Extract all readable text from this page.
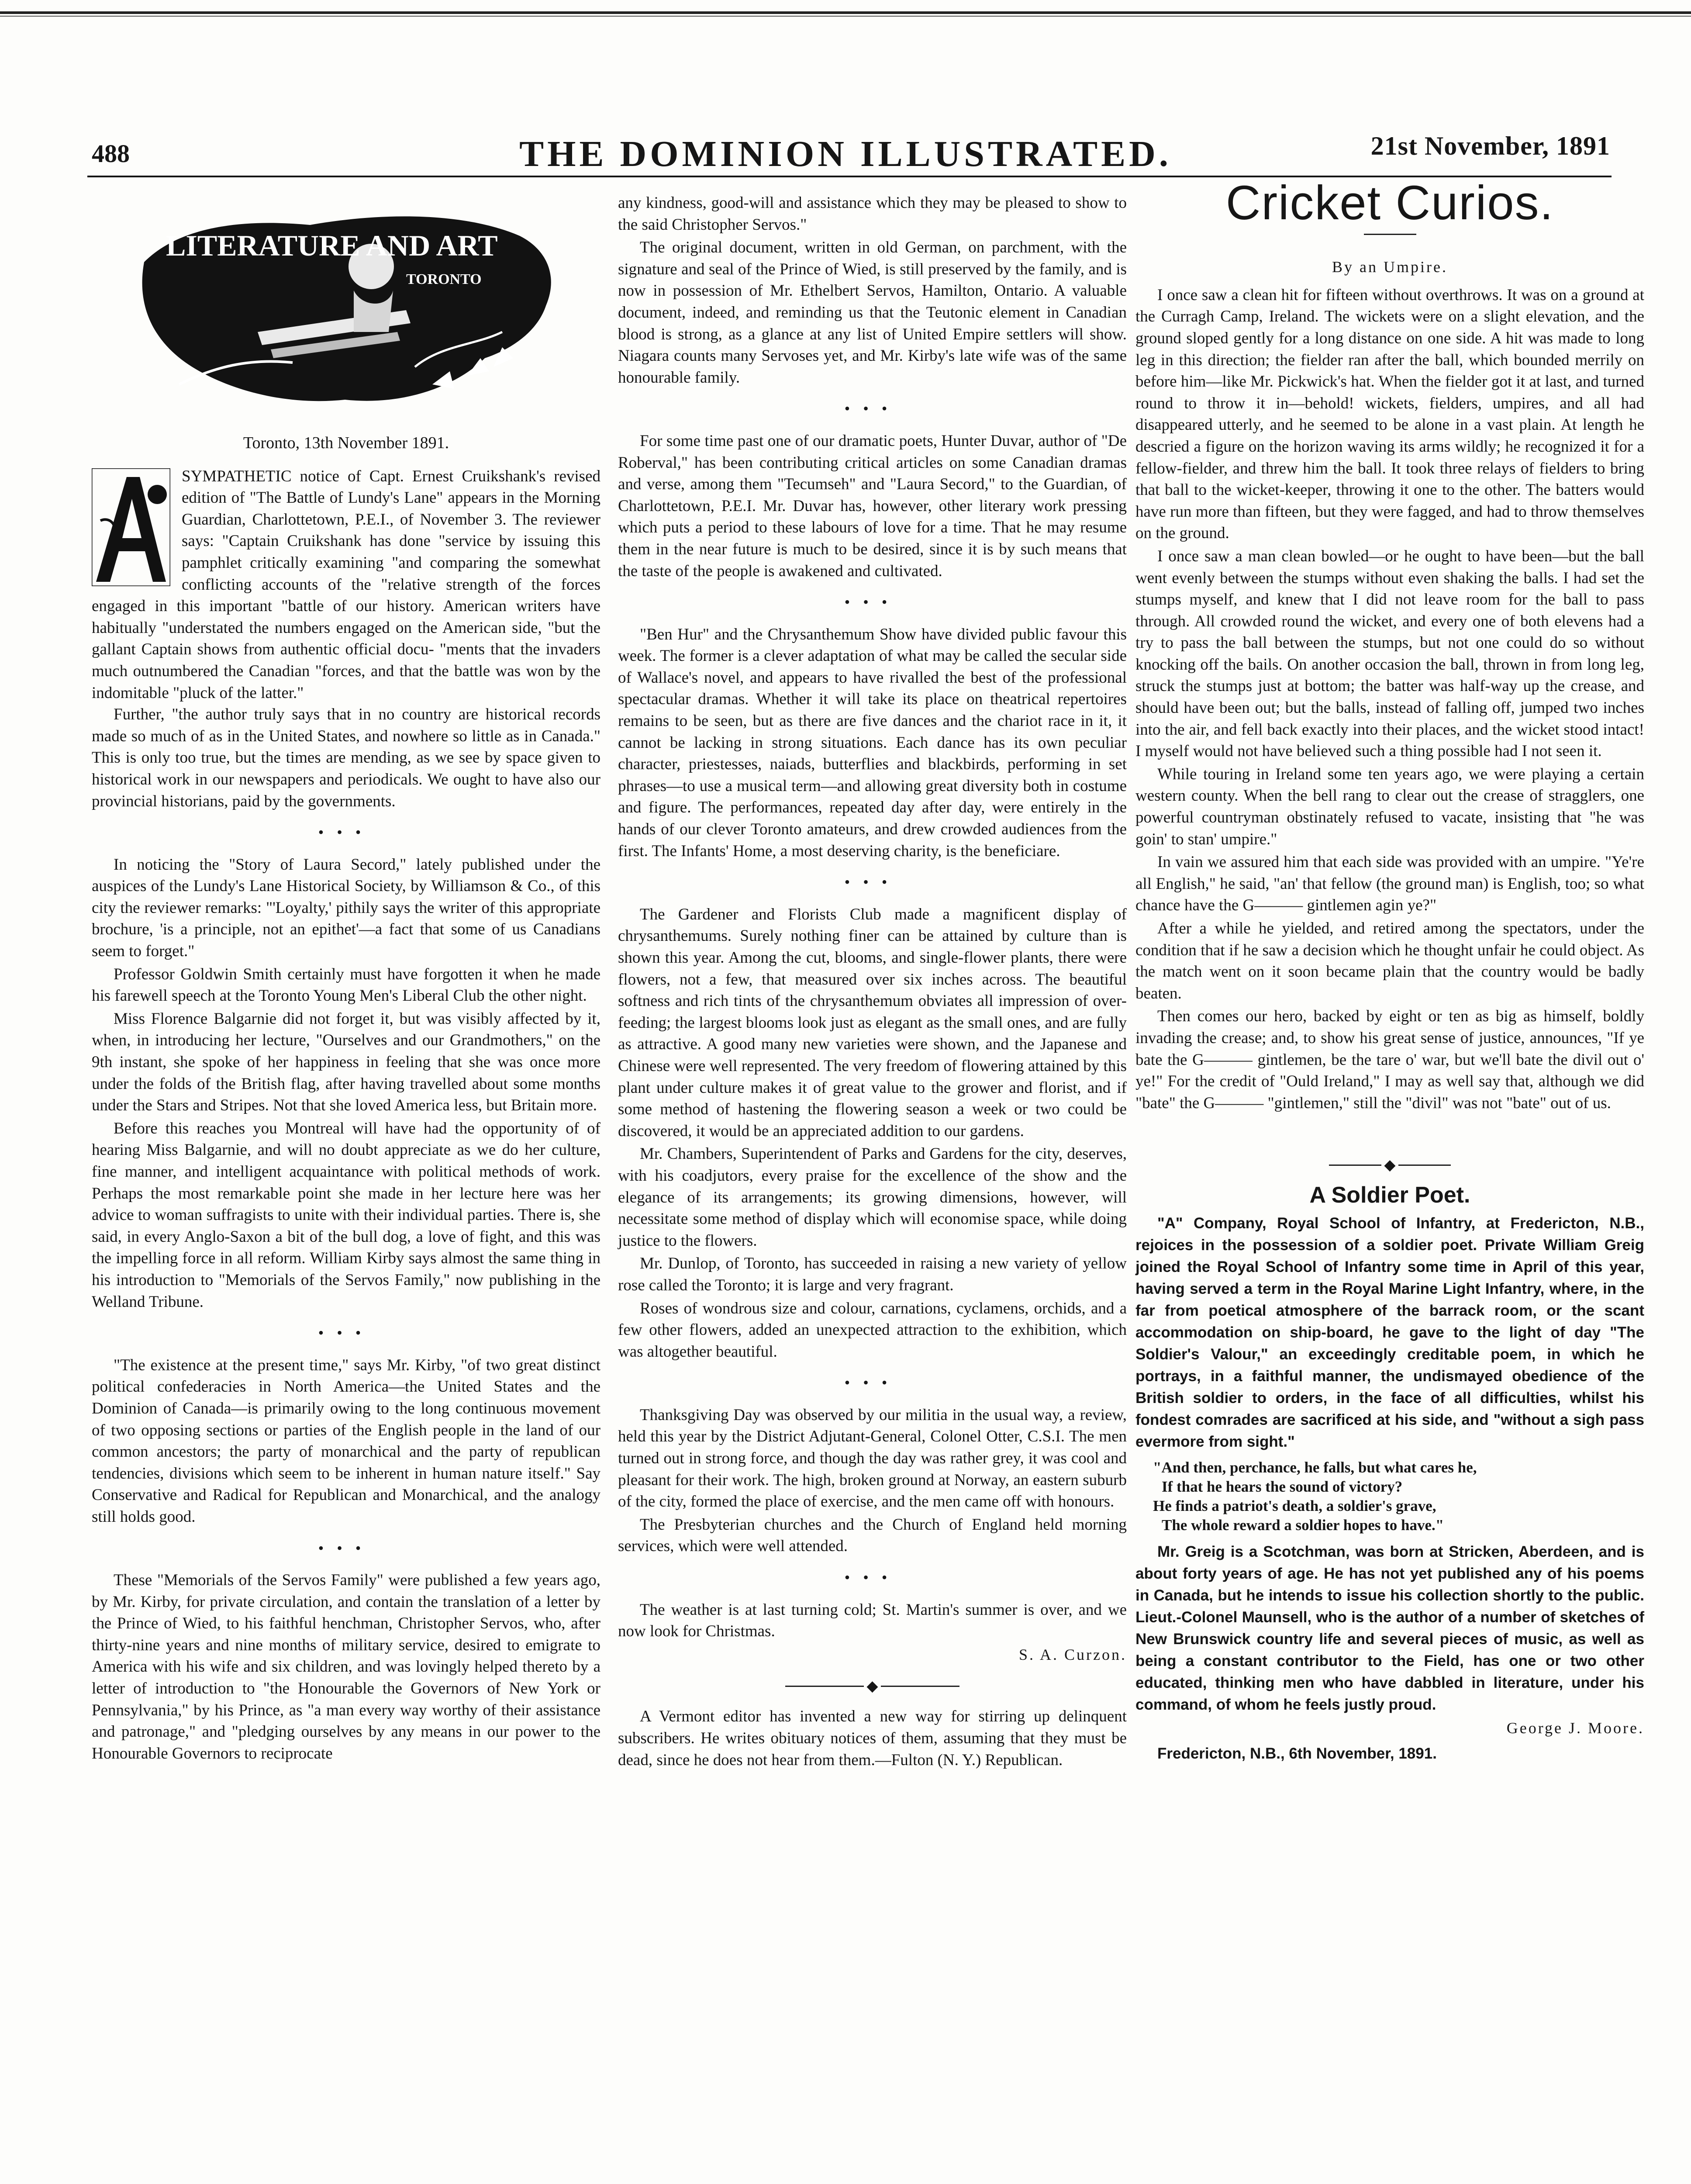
488	THE DOMINION ILLUSTRATED.	21st November, 1891
LITERATURE AND ART
TORONTO
Toronto, 13th November 1891.

SYMPATHETIC notice of Capt. Ernest Cruikshank's revised edition of "The Battle of Lundy's Lane" appears in the Morning Guardian, Charlottetown, P.E.I., of November 3. The reviewer says: "Captain Cruikshank has done "service by issuing this pamphlet critically examining "and comparing the somewhat conflicting accounts of the "relative strength of the forces engaged in this important "battle of our history. American writers have habitually "understated the numbers engaged on the American side, "but the gallant Captain shows from authentic official docu- "ments that the invaders much outnumbered the Canadian "forces, and that the battle was won by the indomitable "pluck of the latter."

Further, "the author truly says that in no country are historical records made so much of as in the United States, and nowhere so little as in Canada." This is only too true, but the times are mending, as we see by space given to historical work in our newspapers and periodicals. We ought to have also our provincial historians, paid by the governments.

•••

In noticing the "Story of Laura Secord," lately published under the auspices of the Lundy's Lane Historical Society, by Williamson & Co., of this city the reviewer remarks: "'Loyalty,' pithily says the writer of this appropriate brochure, 'is a principle, not an epithet'—a fact that some of us Canadians seem to forget."

Professor Goldwin Smith certainly must have forgotten it when he made his farewell speech at the Toronto Young Men's Liberal Club the other night.

Miss Florence Balgarnie did not forget it, but was visibly affected by it, when, in introducing her lecture, "Ourselves and our Grandmothers," on the 9th instant, she spoke of her happiness in feeling that she was once more under the folds of the British flag, after having travelled about some months under the Stars and Stripes. Not that she loved America less, but Britain more.

Before this reaches you Montreal will have had the opportunity of of hearing Miss Balgarnie, and will no doubt appreciate as we do her culture, fine manner, and intelligent acquaintance with political methods of work. Perhaps the most remarkable point she made in her lecture here was her advice to woman suffragists to unite with their individual parties. There is, she said, in every Anglo-Saxon a bit of the bull dog, a love of fight, and this was the impelling force in all reform. William Kirby says almost the same thing in his introduction to "Memorials of the Servos Family," now publishing in the Welland Tribune.

•••

"The existence at the present time," says Mr. Kirby, "of two great distinct political confederacies in North America—the United States and the Dominion of Canada—is primarily owing to the long continuous movement of two opposing sections or parties of the English people in the land of our common ancestors; the party of monarchical and the party of republican tendencies, divisions which seem to be inherent in human nature itself." Say Conservative and Radical for Republican and Monarchical, and the analogy still holds good.

•••

These "Memorials of the Servos Family" were published a few years ago, by Mr. Kirby, for private circulation, and contain the translation of a letter by the Prince of Wied, to his faithful henchman, Christopher Servos, who, after thirty-nine years and nine months of military service, desired to emigrate to America with his wife and six children, and was lovingly helped thereto by a letter of introduction to "the Honourable the Governors of New York or Pennsylvania," by his Prince, as "a man every way worthy of their assistance and patronage," and "pledging ourselves by any means in our power to the Honourable Governors to reciprocate

any kindness, good-will and assistance which they may be pleased to show to the said Christopher Servos."

The original document, written in old German, on parchment, with the signature and seal of the Prince of Wied, is still preserved by the family, and is now in possession of Mr. Ethelbert Servos, Hamilton, Ontario. A valuable document, indeed, and reminding us that the Teutonic element in Canadian blood is strong, as a glance at any list of United Empire settlers will show. Niagara counts many Servoses yet, and Mr. Kirby's late wife was of the same honourable family.

•••

For some time past one of our dramatic poets, Hunter Duvar, author of "De Roberval," has been contributing critical articles on some Canadian dramas and verse, among them "Tecumseh" and "Laura Secord," to the Guardian, of Charlottetown, P.E.I. Mr. Duvar has, however, other literary work pressing which puts a period to these labours of love for a time. That he may resume them in the near future is much to be desired, since it is by such means that the taste of the people is awakened and cultivated.

•••

"Ben Hur" and the Chrysanthemum Show have divided public favour this week. The former is a clever adaptation of what may be called the secular side of Wallace's novel, and appears to have rivalled the best of the professional spectacular dramas. Whether it will take its place on theatrical repertoires remains to be seen, but as there are five dances and the chariot race in it, it cannot be lacking in strong situations. Each dance has its own peculiar character, priestesses, naiads, butterflies and blackbirds, performing in set phrases—to use a musical term—and allowing great diversity both in costume and figure. The performances, repeated day after day, were entirely in the hands of our clever Toronto amateurs, and drew crowded audiences from the first. The Infants' Home, a most deserving charity, is the beneficiare.

•••

The Gardener and Florists Club made a magnificent display of chrysanthemums. Surely nothing finer can be attained by culture than is shown this year. Among the cut, blooms, and single-flower plants, there were flowers, not a few, that measured over six inches across. The beautiful softness and rich tints of the chrysanthemum obviates all impression of over-feeding; the largest blooms look just as elegant as the small ones, and are fully as attractive. A good many new varieties were shown, and the Japanese and Chinese were well represented. The very freedom of flowering attained by this plant under culture makes it of great value to the grower and florist, and if some method of hastening the flowering season a week or two could be discovered, it would be an appreciated addition to our gardens.

Mr. Chambers, Superintendent of Parks and Gardens for the city, deserves, with his coadjutors, every praise for the excellence of the show and the elegance of its arrangements; its growing dimensions, however, will necessitate some method of display which will economise space, while doing justice to the flowers.

Mr. Dunlop, of Toronto, has succeeded in raising a new variety of yellow rose called the Toronto; it is large and very fragrant.

Roses of wondrous size and colour, carnations, cyclamens, orchids, and a few other flowers, added an unexpected attraction to the exhibition, which was altogether beautiful.

•••

Thanksgiving Day was observed by our militia in the usual way, a review, held this year by the District Adjutant-General, Colonel Otter, C.S.I. The men turned out in strong force, and though the day was rather grey, it was cool and pleasant for their work. The high, broken ground at Norway, an eastern suburb of the city, formed the place of exercise, and the men came off with honours.

The Presbyterian churches and the Church of England held morning services, which were well attended.

•••

The weather is at last turning cold; St. Martin's summer is over, and we now look for Christmas.

S. A. Curzon.
◆

A Vermont editor has invented a new way for stirring up delinquent subscribers. He writes obituary notices of them, assuming that they must be dead, since he does not hear from them.—Fulton (N. Y.) Republican.

Cricket Curios.
By an Umpire.

I once saw a clean hit for fifteen without overthrows. It was on a ground at the Curragh Camp, Ireland. The wickets were on a slight elevation, and the ground sloped gently for a long distance on one side. A hit was made to long leg in this direction; the fielder ran after the ball, which bounded merrily on before him—like Mr. Pickwick's hat. When the fielder got it at last, and turned round to throw it in—behold! wickets, fielders, umpires, and all had disappeared utterly, and he seemed to be alone in a vast plain. At length he descried a figure on the horizon waving its arms wildly; he recognized it for a fellow-fielder, and threw him the ball. It took three relays of fielders to bring that ball to the wicket-keeper, throwing it one to the other. The batters would have run more than fifteen, but they were fagged, and had to throw themselves on the ground.

I once saw a man clean bowled—or he ought to have been—but the ball went evenly between the stumps without even shaking the balls. I had set the stumps myself, and knew that I did not leave room for the ball to pass through. All crowded round the wicket, and every one of both elevens had a try to pass the ball between the stumps, but not one could do so without knocking off the bails. On another occasion the ball, thrown in from long leg, struck the stumps just at bottom; the batter was half-way up the crease, and should have been out; but the balls, instead of falling off, jumped two inches into the air, and fell back exactly into their places, and the wicket stood intact! I myself would not have believed such a thing possible had I not seen it.

While touring in Ireland some ten years ago, we were playing a certain western county. When the bell rang to clear out the crease of stragglers, one powerful countryman obstinately refused to vacate, insisting that "he was goin' to stan' umpire."

In vain we assured him that each side was provided with an umpire. "Ye're all English," he said, "an' that fellow (the ground man) is English, too; so what chance have the G——— gintlemen agin ye?"

After a while he yielded, and retired among the spectators, under the condition that if he saw a decision which he thought unfair he could object. As the match went on it soon became plain that the country would be badly beaten.

Then comes our hero, backed by eight or ten as big as himself, boldly invading the crease; and, to show his great sense of justice, announces, "If ye bate the G——— gintlemen, be the tare o' war, but we'll bate the divil out o' ye!" For the credit of "Ould Ireland," I may as well say that, although we did "bate" the G——— "gintlemen," still the "divil" was not "bate" out of us.

◆
A Soldier Poet.

"A" Company, Royal School of Infantry, at Fredericton, N.B., rejoices in the possession of a soldier poet. Private William Greig joined the Royal School of Infantry some time in April of this year, having served a term in the Royal Marine Light Infantry, where, in the far from poetical atmosphere of the barrack room, or the scant accommodation on ship-board, he gave to the light of day "The Soldier's Valour," an exceedingly creditable poem, in which he portrays, in a faithful manner, the undismayed obedience of the British soldier to orders, in the face of all difficulties, whilst his fondest comrades are sacrificed at his side, and "without a sigh pass evermore from sight."

"And then, perchance, he falls, but what cares he,
If that he hears the sound of victory?
He finds a patriot's death, a soldier's grave,
The whole reward a soldier hopes to have."

Mr. Greig is a Scotchman, was born at Stricken, Aberdeen, and is about forty years of age. He has not yet published any of his poems in Canada, but he intends to issue his collection shortly to the public. Lieut.-Colonel Maunsell, who is the author of a number of sketches of New Brunswick country life and several pieces of music, as well as being a constant contributor to the Field, has one or two other educated, thinking men who have dabbled in literature, under his command, of whom he feels justly proud.

George J. Moore.
Fredericton, N.B., 6th November, 1891.
